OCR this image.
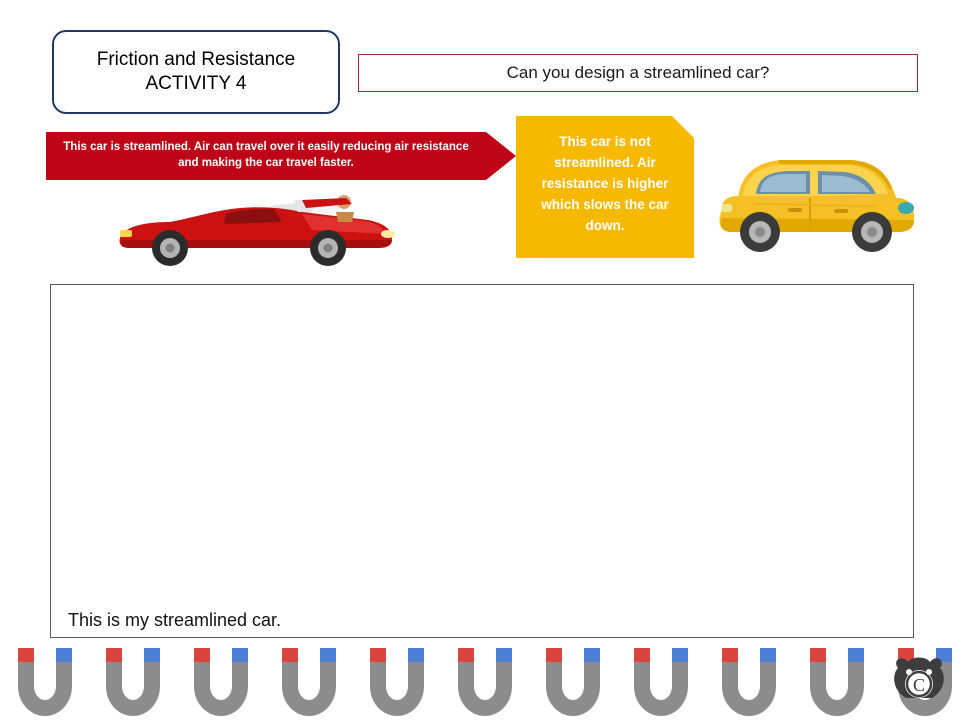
Friction and Resistance
ACTIVITY 4
Can you design a streamlined car?
This car is streamlined. Air can travel over it easily reducing air resistance and making the car travel faster.
This car is not streamlined. Air resistance is higher which slows the car down.
This is my streamlined car.
C
